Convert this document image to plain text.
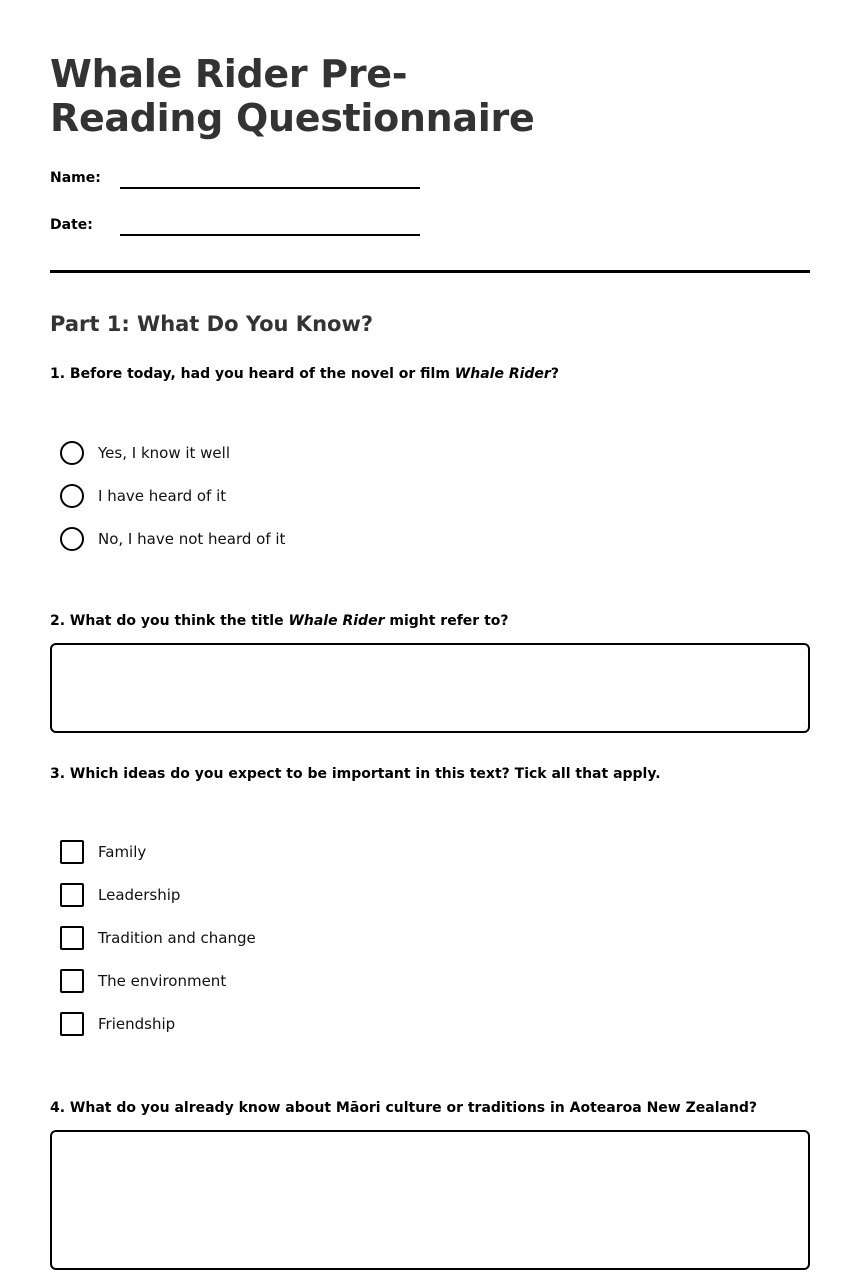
Whale Rider Pre-Reading Questionnaire
Name:
Date:
Part 1: What Do You Know?

1. Before today, had you heard of the novel or film Whale Rider?

Yes, I know it well
I have heard of it
No, I have not heard of it

2. What do you think the title Whale Rider might refer to?

3. Which ideas do you expect to be important in this text? Tick all that apply.

Family
Leadership
Tradition and change
The environment
Friendship

4. What do you already know about Māori culture or traditions in Aotearoa New Zealand?
